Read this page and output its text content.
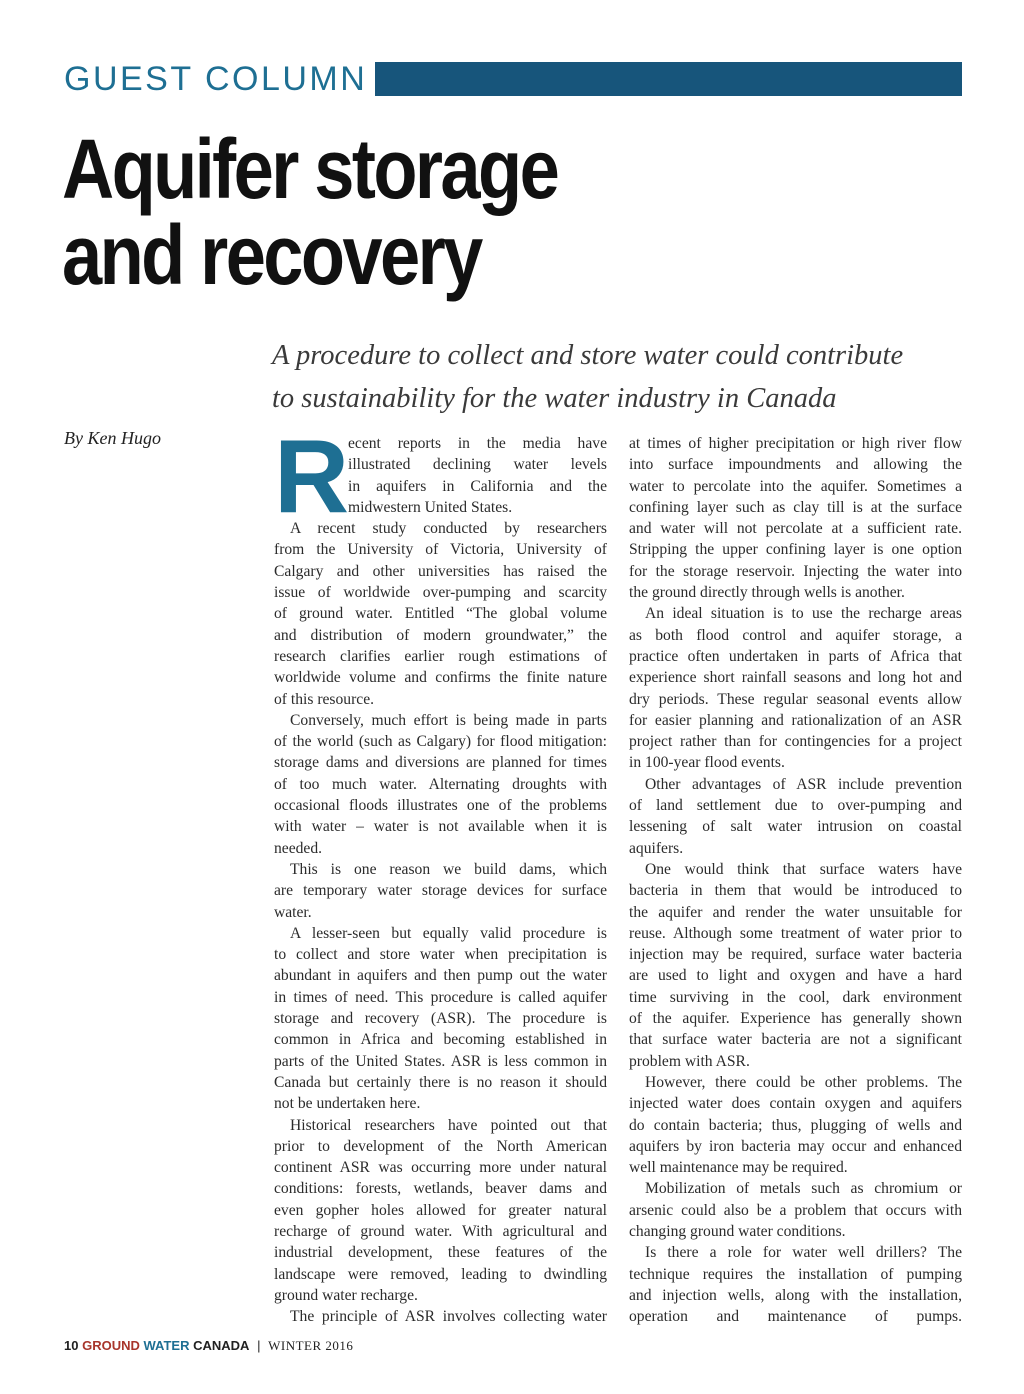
GUEST COLUMN
Aquifer storage
and recovery

A procedure to collect and store water could contribute
to sustainability for the water industry in Canada

By Ken Hugo R
ecent reports in the media have
illustrated declining water levels
in aquifers in California and the
midwestern United States.
A recent study conducted by researchers
from the University of Victoria, University of
Calgary and other universities has raised the
issue of worldwide over-pumping and scarcity
of ground water. Entitled “The global volume
and distribution of modern groundwater,” the
research clarifies earlier rough estimations of
worldwide volume and confirms the finite nature
of this resource.
Conversely, much effort is being made in parts
of the world (such as Calgary) for flood mitigation:
storage dams and diversions are planned for times
of too much water. Alternating droughts with
occasional floods illustrates one of the problems
with water – water is not available when it is
needed.
This is one reason we build dams, which
are temporary water storage devices for surface
water.
A lesser-seen but equally valid procedure is
to collect and store water when precipitation is
abundant in aquifers and then pump out the water
in times of need. This procedure is called aquifer
storage and recovery (ASR). The procedure is
common in Africa and becoming established in
parts of the United States. ASR is less common in
Canada but certainly there is no reason it should
not be undertaken here.
Historical researchers have pointed out that
prior to development of the North American
continent ASR was occurring more under natural
conditions: forests, wetlands, beaver dams and
even gopher holes allowed for greater natural
recharge of ground water. With agricultural and
industrial development, these features of the
landscape were removed, leading to dwindling
ground water recharge.
The principle of ASR involves collecting water
at times of higher precipitation or high river flow
into surface impoundments and allowing the
water to percolate into the aquifer. Sometimes a
confining layer such as clay till is at the surface
and water will not percolate at a sufficient rate.
Stripping the upper confining layer is one option
for the storage reservoir. Injecting the water into
the ground directly through wells is another.
An ideal situation is to use the recharge areas
as both flood control and aquifer storage, a
practice often undertaken in parts of Africa that
experience short rainfall seasons and long hot and
dry periods. These regular seasonal events allow
for easier planning and rationalization of an ASR
project rather than for contingencies for a project
in 100-year flood events.
Other advantages of ASR include prevention
of land settlement due to over-pumping and
lessening of salt water intrusion on coastal
aquifers.
One would think that surface waters have
bacteria in them that would be introduced to
the aquifer and render the water unsuitable for
reuse. Although some treatment of water prior to
injection may be required, surface water bacteria
are used to light and oxygen and have a hard
time surviving in the cool, dark environment
of the aquifer. Experience has generally shown
that surface water bacteria are not a significant
problem with ASR.
However, there could be other problems. The
injected water does contain oxygen and aquifers
do contain bacteria; thus, plugging of wells and
aquifers by iron bacteria may occur and enhanced
well maintenance may be required.
Mobilization of metals such as chromium or
arsenic could also be a problem that occurs with
changing ground water conditions.
Is there a role for water well drillers? The
technique requires the installation of pumping
and injection wells, along with the installation,
operation and maintenance of pumps.
10 GROUND WATER CANADA | WINTER 2016
